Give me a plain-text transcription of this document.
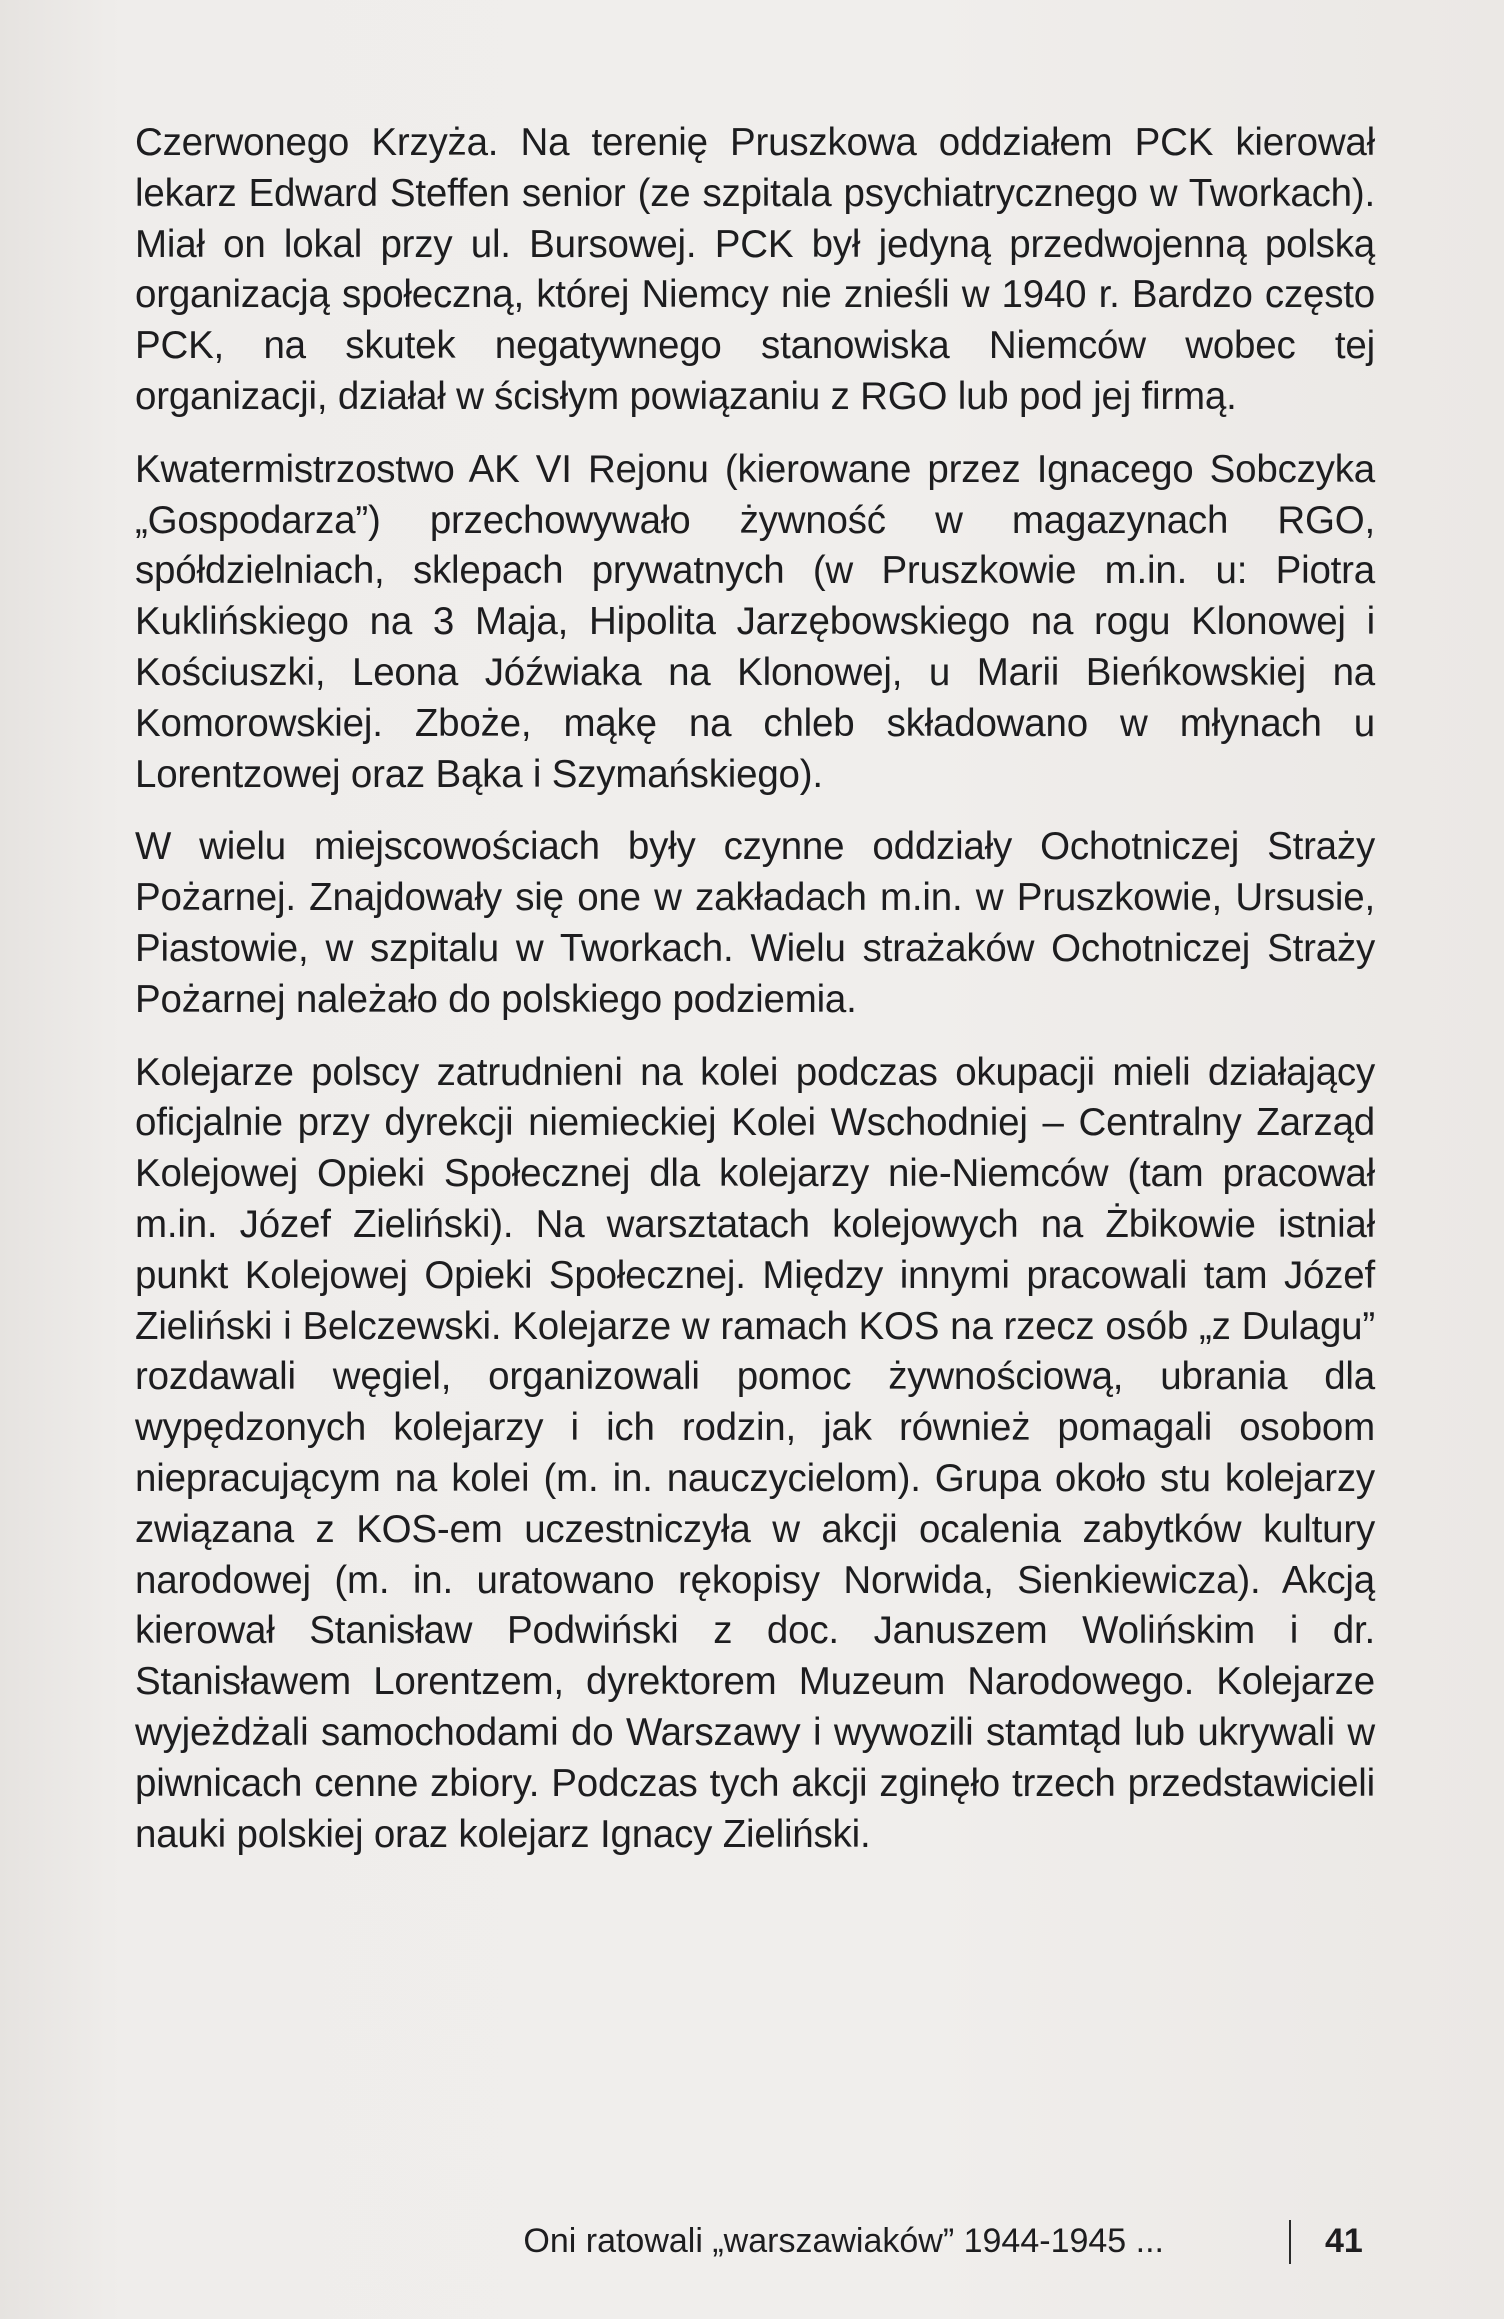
Czerwonego Krzyża. Na terenię Pruszkowa oddziałem PCK kierował lekarz Edward Steffen senior (ze szpitala psychiatrycznego w Tworkach). Miał on lokal przy ul. Bursowej. PCK był jedyną przedwojenną polską organizacją społeczną, której Niemcy nie znieśli w 1940 r. Bardzo często PCK, na skutek negatywnego stanowiska Niemców wobec tej organizacji, działał w ścisłym powiązaniu z RGO lub pod jej firmą.

Kwatermistrzostwo AK VI Rejonu (kierowane przez Ignacego Sobczyka „Gospodarza”) przechowywało żywność w magazynach RGO, spółdzielniach, sklepach prywatnych (w Pruszkowie m.in. u: Piotra Kuklińskiego na 3 Maja, Hipolita Jarzębowskiego na rogu Klonowej i Kościuszki, Leona Jóźwiaka na Klonowej, u Marii Bieńkowskiej na Komorowskiej. Zboże, mąkę na chleb składowano w młynach u Lorentzowej oraz Bąka i Szymańskiego).

W wielu miejscowościach były czynne oddziały Ochotniczej Straży Pożarnej. Znajdowały się one w zakładach m.in. w Pruszkowie, Ursusie, Piastowie, w szpitalu w Tworkach. Wielu strażaków Ochotniczej Straży Pożarnej należało do polskiego podziemia.

Kolejarze polscy zatrudnieni na kolei podczas okupacji mieli działający oficjalnie przy dyrekcji niemieckiej Kolei Wschodniej – Centralny Zarząd Kolejowej Opieki Społecznej dla kolejarzy nie-Niemców (tam pracował m.in. Józef Zieliński). Na warsztatach kolejowych na Żbikowie istniał punkt Kolejowej Opieki Społecznej. Między innymi pracowali tam Józef Zieliński i Belczewski. Kolejarze w ramach KOS na rzecz osób „z Dulagu” rozdawali węgiel, organizowali pomoc żywnościową, ubrania dla wypędzonych kolejarzy i ich rodzin, jak również pomagali osobom niepracującym na kolei (m. in. nauczycielom). Grupa około stu kolejarzy związana z KOS-em uczestniczyła w akcji ocalenia zabytków kultury narodowej (m. in. uratowano rękopisy Norwida, Sienkiewicza). Akcją kierował Stanisław Podwiński z doc. Januszem Wolińskim i dr. Stanisławem Lorentzem, dyrektorem Muzeum Narodowego. Kolejarze wyjeżdżali samochodami do Warszawy i wywozili stamtąd lub ukrywali w piwnicach cenne zbiory. Podczas tych akcji zginęło trzech przedstawicieli nauki polskiej oraz kolejarz Ignacy Zieliński.

Oni ratowali „warszawiaków” 1944-1945 ...	41
